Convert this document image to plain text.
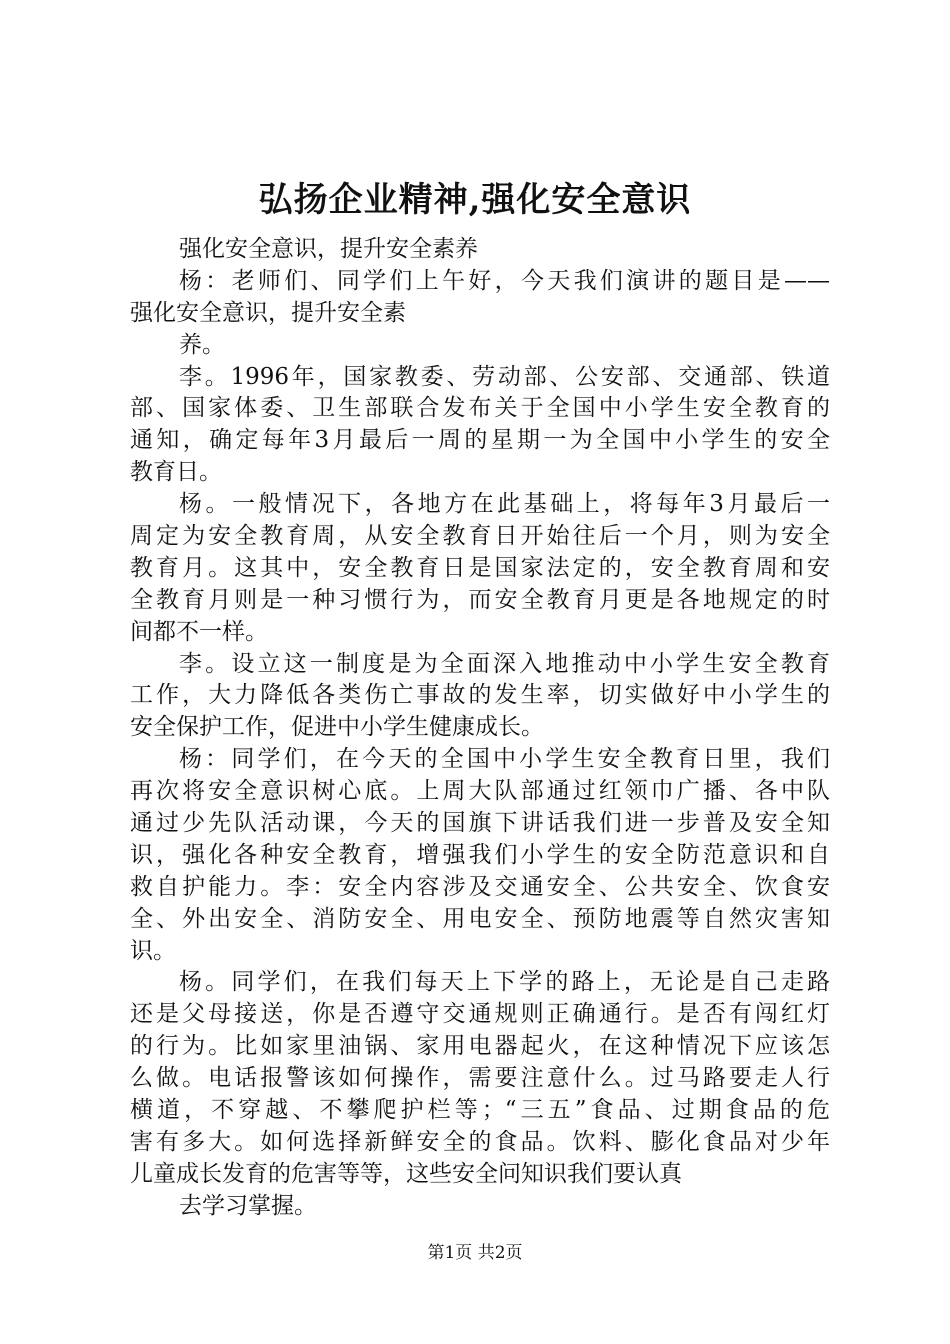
弘扬企业精神,强化安全意识
强化安全意识，提升安全素养
杨：老师们、同学们上午好，今天我们演讲的题目是——
强化安全意识，提升安全素
养。
李。1996年，国家教委、劳动部、公安部、交通部、铁道
部、国家体委、卫生部联合发布关于全国中小学生安全教育的
通知，确定每年3月最后一周的星期一为全国中小学生的安全
教育日。
杨。一般情况下，各地方在此基础上，将每年3月最后一
周定为安全教育周，从安全教育日开始往后一个月，则为安全
教育月。这其中，安全教育日是国家法定的，安全教育周和安
全教育月则是一种习惯行为，而安全教育月更是各地规定的时
间都不一样。
李。设立这一制度是为全面深入地推动中小学生安全教育
工作，大力降低各类伤亡事故的发生率，切实做好中小学生的
安全保护工作，促进中小学生健康成长。
杨：同学们，在今天的全国中小学生安全教育日里，我们
再次将安全意识树心底。上周大队部通过红领巾广播、各中队
通过少先队活动课，今天的国旗下讲话我们进一步普及安全知
识，强化各种安全教育，增强我们小学生的安全防范意识和自
救自护能力。李：安全内容涉及交通安全、公共安全、饮食安
全、外出安全、消防安全、用电安全、预防地震等自然灾害知
识。
杨。同学们，在我们每天上下学的路上，无论是自己走路
还是父母接送，你是否遵守交通规则正确通行。是否有闯红灯
的行为。比如家里油锅、家用电器起火，在这种情况下应该怎
么做。电话报警该如何操作，需要注意什么。过马路要走人行
横道，不穿越、不攀爬护栏等；“三五”食品、过期食品的危
害有多大。如何选择新鲜安全的食品。饮料、膨化食品对少年
儿童成长发育的危害等等，这些安全问知识我们要认真
去学习掌握。
第1页 共2页
